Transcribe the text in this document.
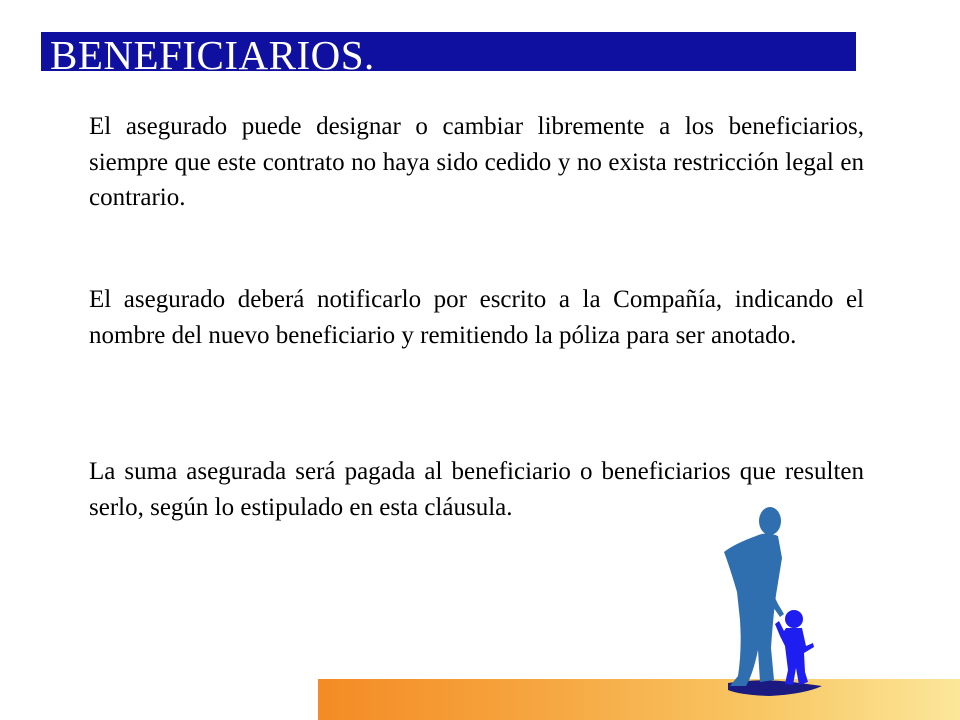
BENEFICIARIOS.
El asegurado puede designar o cambiar libremente a los beneficiarios, siempre que este contrato no haya sido cedido y no exista restricción legal en contrario.
El asegurado deberá notificarlo por escrito a la Compañía, indicando el nombre del nuevo beneficiario y remitiendo la póliza para ser anotado.
La suma asegurada será pagada al beneficiario o beneficiarios que resulten serlo, según lo estipulado en esta cláusula.
